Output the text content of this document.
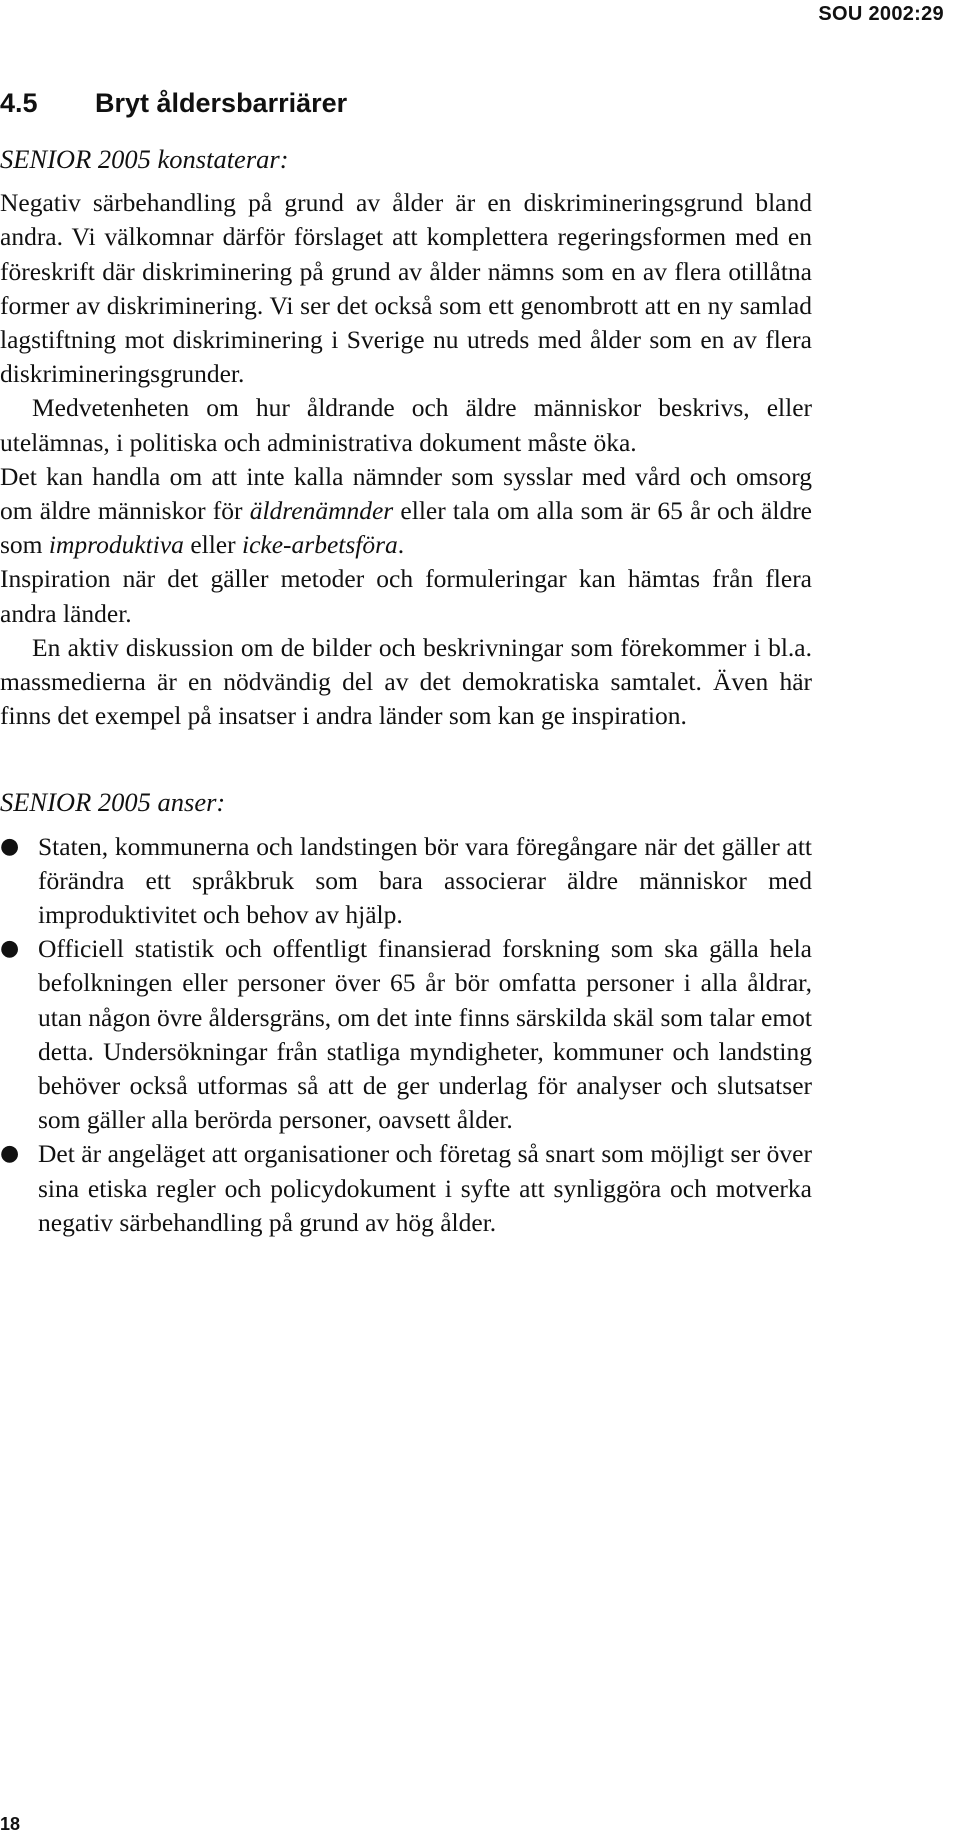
SOU 2002:29
4.5 Bryt åldersbarriärer
SENIOR 2005 konstaterar:

Negativ särbehandling på grund av ålder är en diskrimineringsgrund bland andra. Vi välkomnar därför förslaget att komplettera regeringsformen med en föreskrift där diskriminering på grund av ålder nämns som en av flera otillåtna former av diskriminering. Vi ser det också som ett genombrott att en ny samlad lagstiftning mot diskriminering i Sverige nu utreds med ålder som en av flera diskrimineringsgrunder.

Medvetenheten om hur åldrande och äldre människor beskrivs, eller utelämnas, i politiska och administrativa dokument måste öka.

Det kan handla om att inte kalla nämnder som sysslar med vård och omsorg om äldre människor för äldrenämnder eller tala om alla som är 65 år och äldre som improduktiva eller icke-arbetsföra.

Inspiration när det gäller metoder och formuleringar kan hämtas från flera andra länder.

En aktiv diskussion om de bilder och beskrivningar som förekommer i bl.a. massmedierna är en nödvändig del av det demokratiska samtalet. Även här finns det exempel på insatser i andra länder som kan ge inspiration.

SENIOR 2005 anser:
● Staten, kommunerna och landstingen bör vara föregångare när det gäller att förändra ett språkbruk som bara associerar äldre människor med improduktivitet och behov av hjälp.
● Officiell statistik och offentligt finansierad forskning som ska gälla hela befolkningen eller personer över 65 år bör omfatta personer i alla åldrar, utan någon övre åldersgräns, om det inte finns särskilda skäl som talar emot detta. Undersökningar från statliga myndigheter, kommuner och landsting behöver också utformas så att de ger underlag för analyser och slutsatser som gäller alla berörda personer, oavsett ålder.
● Det är angeläget att organisationer och företag så snart som möjligt ser över sina etiska regler och policydokument i syfte att synliggöra och motverka negativ särbehandling på grund av hög ålder.
18
